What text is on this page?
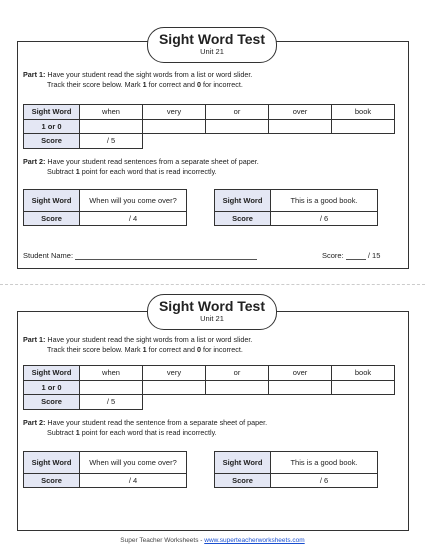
Sight Word Test
Unit 21
Part 1: Have your student read the sight words from a list or word slider.
Track their score below. Mark 1 for correct and 0 for incorrect.
Sight Word	when	very	or	over	book
1 or 0					
Score	/ 5				
Part 2: Have your student read sentences from a separate sheet of paper.
Subtract 1 point for each word that is read incorrectly.
Sight Word	When will you come over?
Score	/ 4
Sight Word	This is a good book.
Score	/ 6
Student Name:	Score:	/ 15
Sight Word Test
Unit 21
Part 1: Have your student read the sight words from a list or word slider.
Track their score below. Mark 1 for correct and 0 for incorrect.
Sight Word	when	very	or	over	book
1 or 0					
Score	/ 5				
Part 2: Have your student read the sentence from a separate sheet of paper.
Subtract 1 point for each word that is read incorrectly.
Sight Word	When will you come over?
Score	/ 4
Sight Word	This is a good book.
Score	/ 6
Super Teacher Worksheets - www.superteacherworksheets.com
